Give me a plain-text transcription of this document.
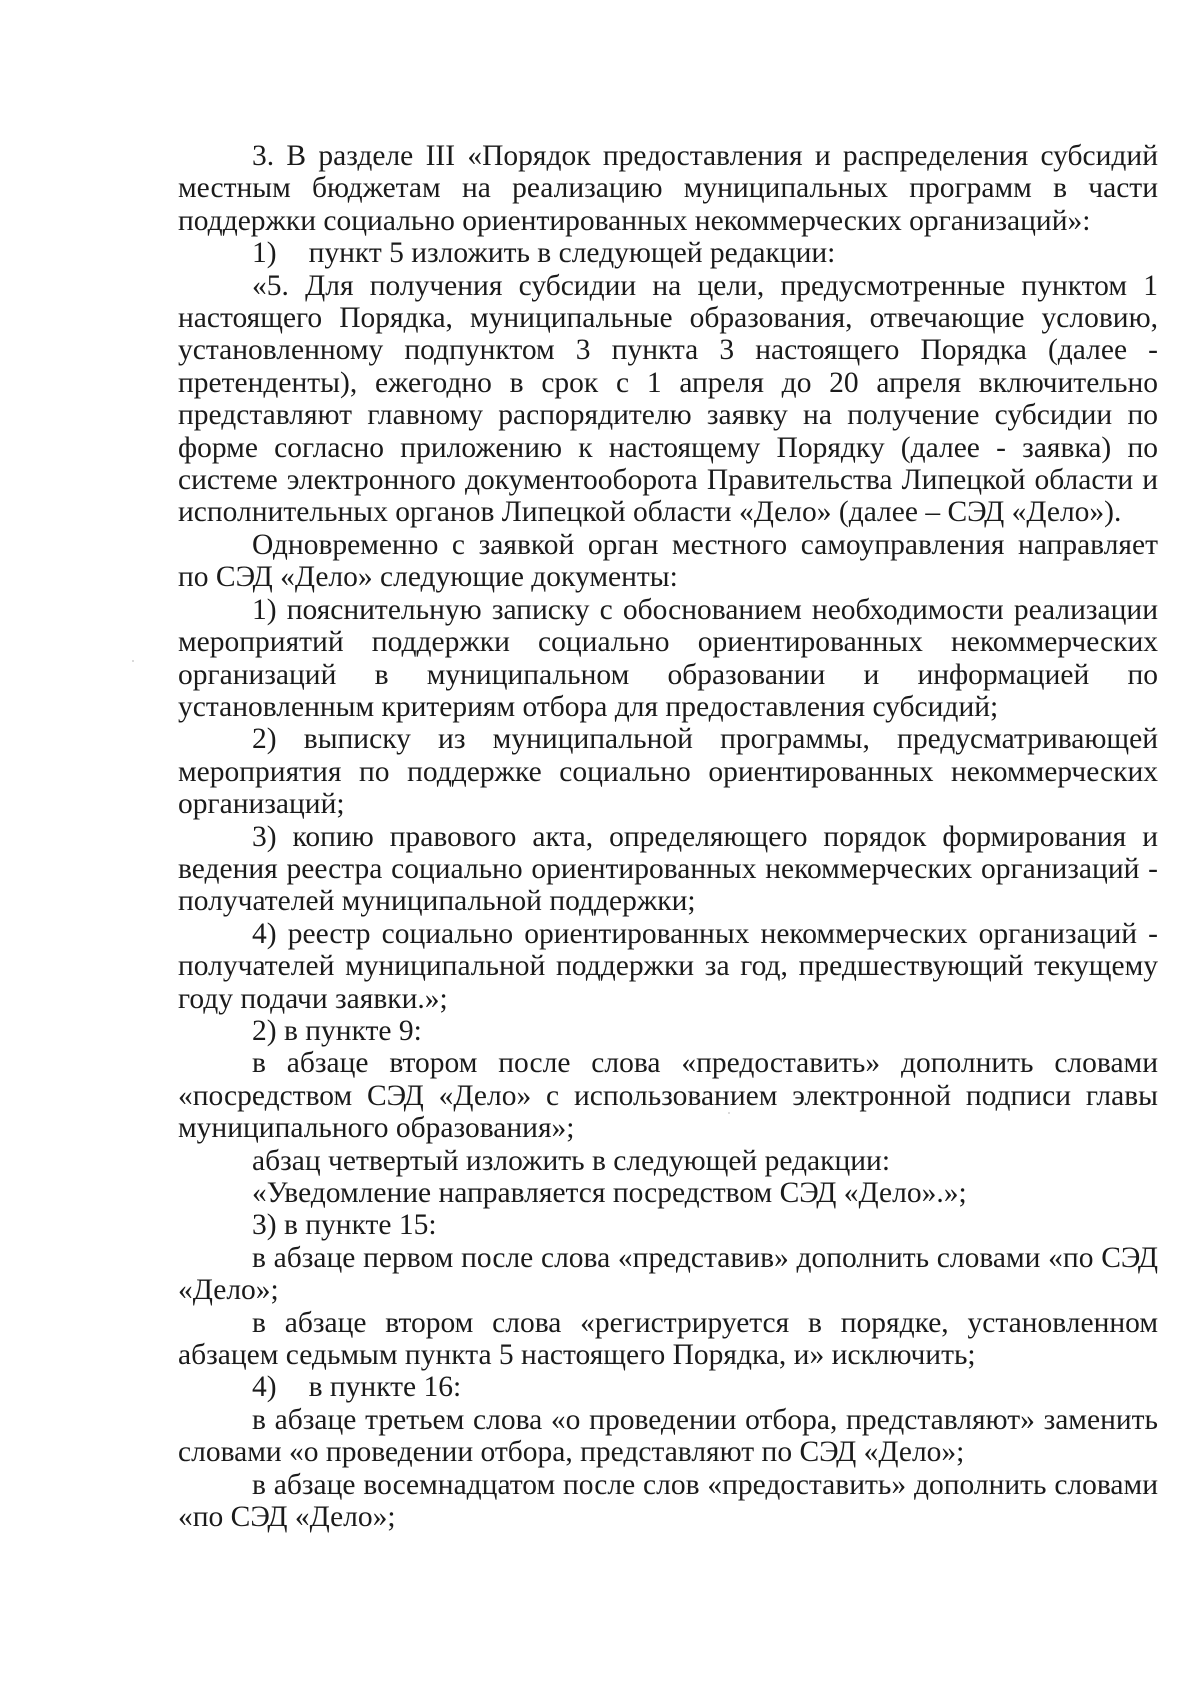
3. В разделе III «Порядок предоставления и распределения субсидий местным бюджетам на реализацию муниципальных программ в части поддержки социально ориентированных некоммерческих организаций»:

1) пункт 5 изложить в следующей редакции:

«5. Для получения субсидии на цели, предусмотренные пунктом 1 настоящего Порядка, муниципальные образования, отвечающие условию, установленному подпунктом 3 пункта 3 настоящего Порядка (далее - претенденты), ежегодно в срок с 1 апреля до 20 апреля включительно представляют главному распорядителю заявку на получение субсидии по форме согласно приложению к настоящему Порядку (далее - заявка) по системе электронного документооборота Правительства Липецкой области и исполнительных органов Липецкой области «Дело» (далее – СЭД «Дело»).

Одновременно с заявкой орган местного самоуправления направляет по СЭД «Дело» следующие документы:

1) пояснительную записку с обоснованием необходимости реализации мероприятий поддержки социально ориентированных некоммерческих организаций в муниципальном образовании и информацией по установленным критериям отбора для предоставления субсидий;

2) выписку из муниципальной программы, предусматривающей мероприятия по поддержке социально ориентированных некоммерческих организаций;

3) копию правового акта, определяющего порядок формирования и ведения реестра социально ориентированных некоммерческих организаций - получателей муниципальной поддержки;

4) реестр социально ориентированных некоммерческих организаций - получателей муниципальной поддержки за год, предшествующий текущему году подачи заявки.»;

2) в пункте 9:

в абзаце втором после слова «предоставить» дополнить словами «посредством СЭД «Дело» с использованием электронной подписи главы муниципального образования»;

абзац четвертый изложить в следующей редакции:

«Уведомление направляется посредством СЭД «Дело».»;

3) в пункте 15:

в абзаце первом после слова «представив» дополнить словами «по СЭД «Дело»;

в абзаце втором слова «регистрируется в порядке, установленном абзацем седьмым пункта 5 настоящего Порядка, и» исключить;

4) в пункте 16:

в абзаце третьем слова «о проведении отбора, представляют» заменить словами «о проведении отбора, представляют по СЭД «Дело»;

в абзаце восемнадцатом после слов «предоставить» дополнить словами «по СЭД «Дело»;
